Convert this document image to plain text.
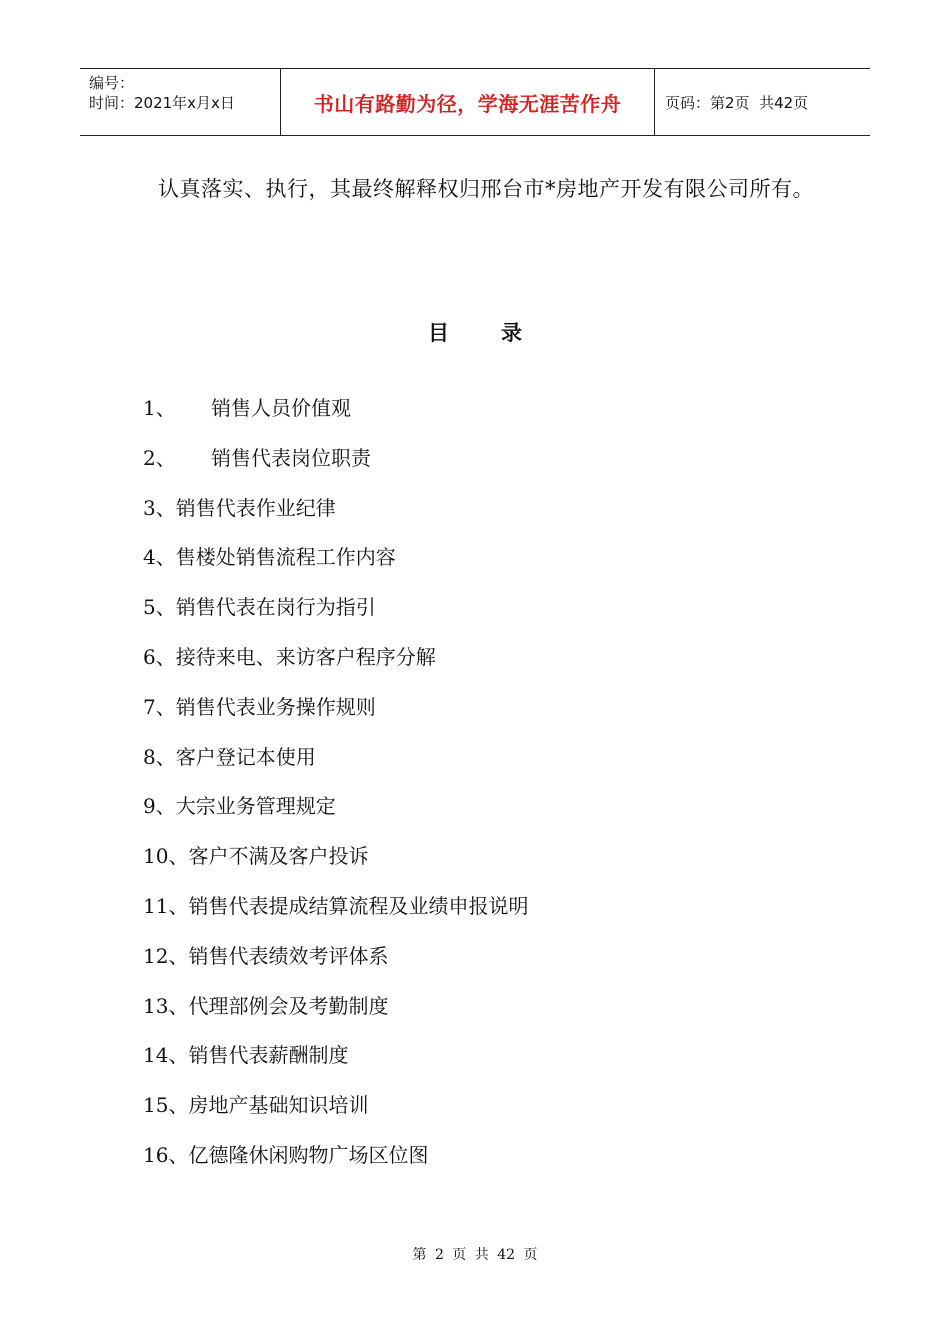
编号：
时间：2021年x月x日	书山有路勤为径，学海无涯苦作舟	页码：第2页  共42页
认真落实、执行，其最终解释权归邢台市*房地产开发有限公司所有。
目 录
1、 销售人员价值观
2、 销售代表岗位职责
3、销售代表作业纪律
4、售楼处销售流程工作内容
5、销售代表在岗行为指引
6、接待来电、来访客户程序分解
7、销售代表业务操作规则
8、客户登记本使用
9、大宗业务管理规定
10、客户不满及客户投诉
11、销售代表提成结算流程及业绩申报说明
12、销售代表绩效考评体系
13、代理部例会及考勤制度
14、销售代表薪酬制度
15、房地产基础知识培训
16、亿德隆休闲购物广场区位图
第 2 页 共 42 页
